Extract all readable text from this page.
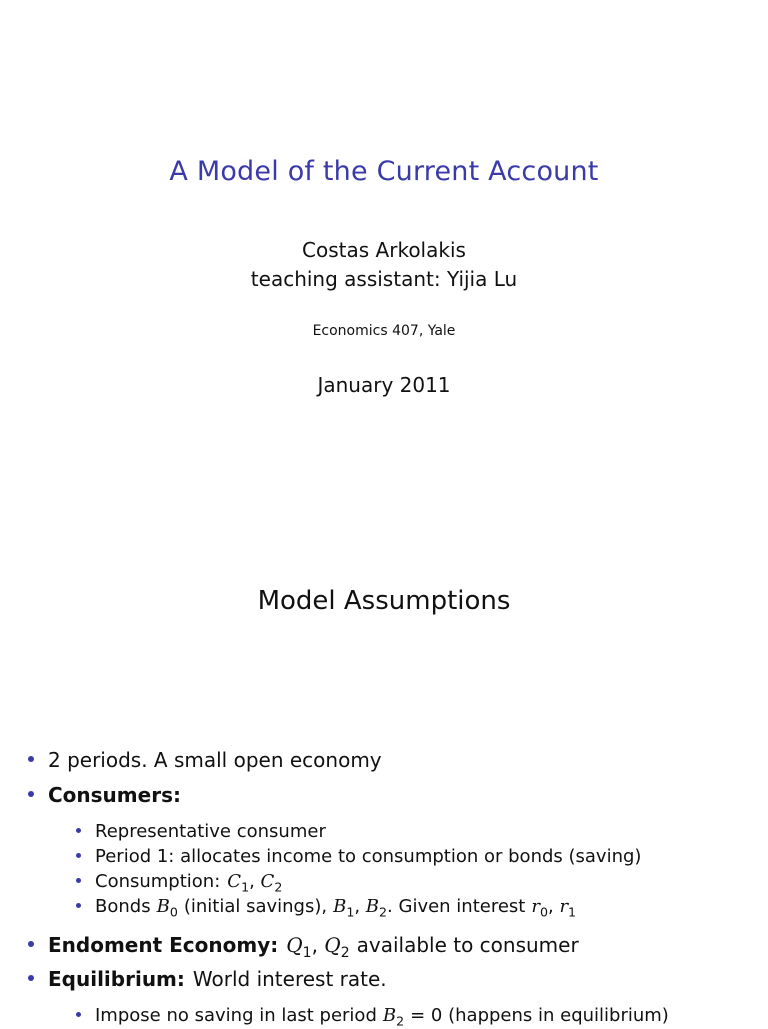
A Model of the Current Account
Costas Arkolakis
teaching assistant: Yijia Lu
Economics 407, Yale
January 2011
Model Assumptions
2 periods. A small open economy
Consumers:
Representative consumer
Period 1: allocates income to consumption or bonds (saving)
Consumption: $C_1$ , $C_2$
Bonds $B_0$ (initial savings), $B_1$ , $B_2$ . Given interest $r_0$ , $r_1$
Endoment Economy: $Q_1$ , $Q_2$ available to consumer
Equilibrium: World interest rate.
Impose no saving in last period $B_2 = 0$ (happens in equilibrium)
